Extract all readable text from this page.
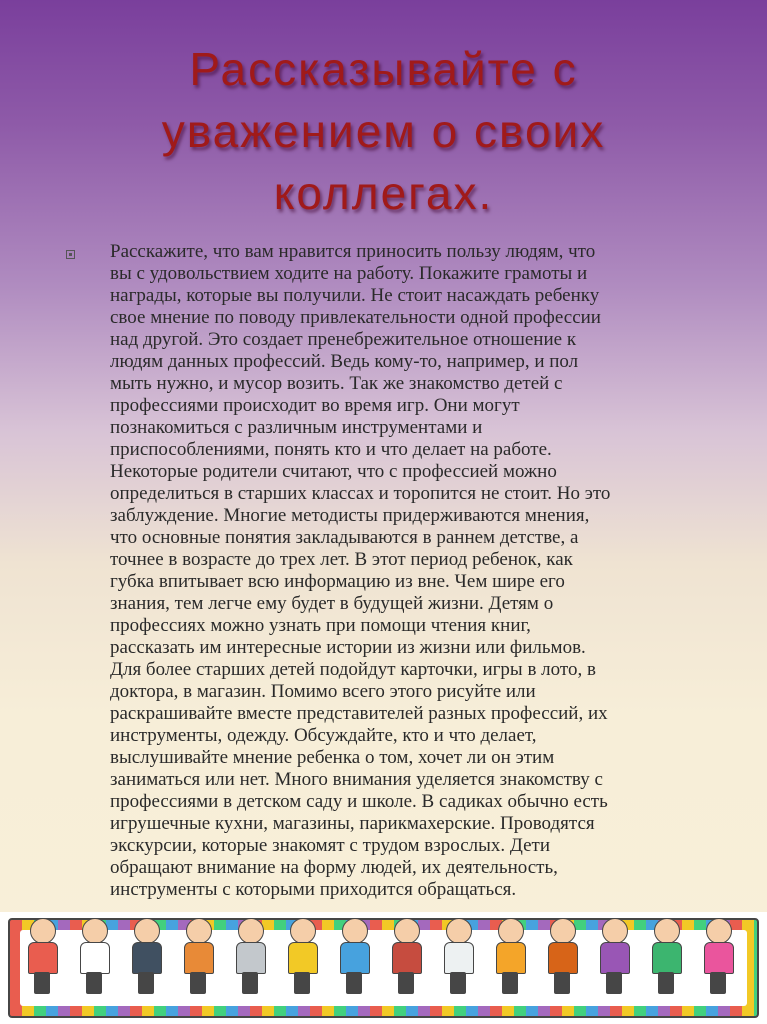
Рассказывайте с
уважением о своих
коллегах.
Расскажите, что вам нравится приносить пользу людям, что
вы с удовольствием ходите на работу. Покажите грамоты и
награды, которые вы получили. Не стоит насаждать ребенку
свое мнение по поводу привлекательности одной профессии
над другой. Это создает пренебрежительное отношение к
людям данных профессий. Ведь кому-то, например, и пол
мыть нужно, и мусор возить. Так же знакомство детей с
профессиями происходит во время игр. Они могут
познакомиться с различным инструментами и
приспособлениями, понять кто и что делает на работе.
Некоторые родители считают, что с профессией можно
определиться в старших классах и торопится не стоит. Но это
заблуждение. Многие методисты придерживаются мнения,
что основные понятия закладываются в раннем детстве, а
точнее в возрасте до трех лет. В этот период ребенок, как
губка впитывает всю информацию из вне. Чем шире его
знания, тем легче ему будет в будущей жизни. Детям о
профессиях можно узнать при помощи чтения книг,
рассказать им интересные истории из жизни или фильмов.
Для более старших детей подойдут карточки, игры в лото, в
доктора, в магазин. Помимо всего этого рисуйте или
раскрашивайте вместе представителей разных профессий, их
инструменты, одежду. Обсуждайте, кто и что делает,
выслушивайте мнение ребенка о том, хочет ли он этим
заниматься или нет. Много внимания уделяется знакомству с
профессиями в детском саду и школе. В садиках обычно есть
игрушечные кухни, магазины, парикмахерские. Проводятся
экскурсии, которые знакомят с трудом взрослых. Дети
обращают внимание на форму людей, их деятельность,
инструменты с которыми приходится обращаться.
